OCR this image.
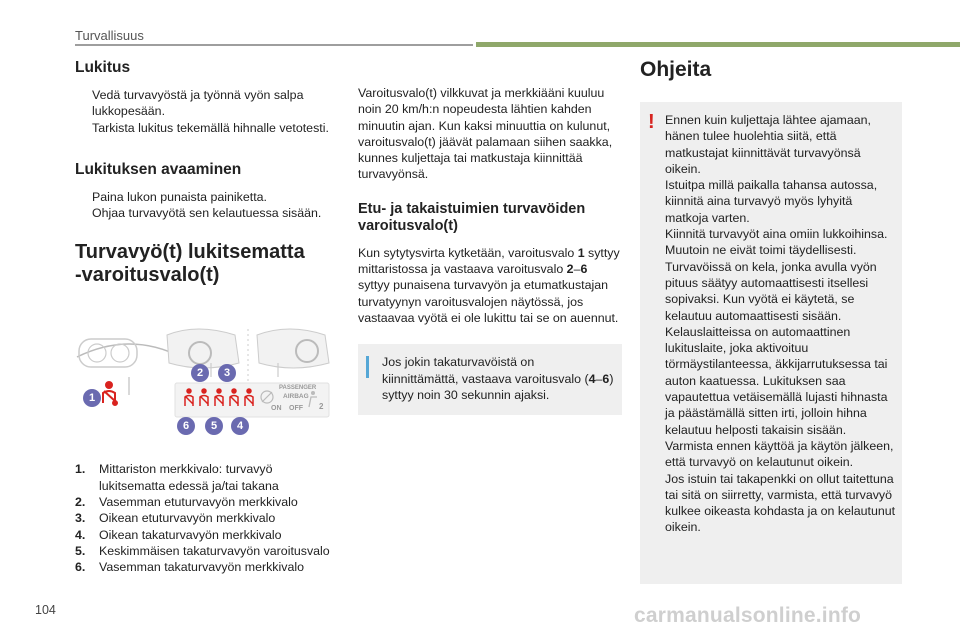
Turvallisuus
Lukitus
Vedä turvavyöstä ja työnnä vyön salpa lukkopesään.
Tarkista lukitus tekemällä hihnalle vetotesti.
Lukituksen avaaminen
Paina lukon punaista painiketta.
Ohjaa turvavyötä sen kelautuessa sisään.
Turvavyö(t) lukitsematta
-varoitusvalo(t)
PASSENGER
AIRBAG
ON OFF 2
1
2	3
4
5
6
1. Mittariston merkkivalo: turvavyö lukitsematta edessä ja/tai takana
2. Vasemman etuturvavyön merkkivalo
3. Oikean etuturvavyön merkkivalo
4. Oikean takaturvavyön merkkivalo
5. Keskimmäisen takaturvavyön varoitusvalo
6. Vasemman takaturvavyön merkkivalo

Varoitusvalo(t) vilkkuvat ja merkkiääni kuuluu noin 20 km/h:n nopeudesta lähtien kahden minuutin ajan. Kun kaksi minuuttia on kulunut, varoitusvalo(t) jäävät palamaan siihen saakka, kunnes kuljettaja tai matkustaja kiinnittää turvavyönsä.

Etu- ja takaistuimien turvavöiden varoitusvalo(t)

Kun sytytysvirta kytketään, varoitusvalo 1 syttyy mittaristossa ja vastaava varoitusvalo 2–6 syttyy punaisena turvavyön ja etumatkustajan turvatyynyn varoitusvalojen näytössä, jos vastaavaa vyötä ei ole lukittu tai se on auennut.

Jos jokin takaturvavöistä on kiinnittämättä, vastaava varoitusvalo (4–6) syttyy noin 30 sekunnin ajaksi.

Ohjeita
! Ennen kuin kuljettaja lähtee ajamaan, hänen tulee huolehtia siitä, että matkustajat kiinnittävät turvavyönsä oikein.

Istuitpa millä paikalla tahansa autossa, kiinnitä aina turvavyö myös lyhyitä matkoja varten.

Kiinnitä turvavyöt aina omiin lukkoihinsa. Muutoin ne eivät toimi täydellisesti.

Turvavöissä on kela, jonka avulla vyön pituus säätyy automaattisesti itsellesi sopivaksi. Kun vyötä ei käytetä, se kelautuu automaattisesti sisään.

Kelauslaitteissa on automaattinen lukituslaite, joka aktivoituu törmäystilanteessa, äkkijarrutuksessa tai auton kaatuessa. Lukituksen saa vapautettua vetäisemällä lujasti hihnasta ja päästämällä sitten irti, jolloin hihna kelautuu helposti takaisin sisään.

Varmista ennen käyttöä ja käytön jälkeen, että turvavyö on kelautunut oikein.

Jos istuin tai takapenkki on ollut taitettuna tai sitä on siirretty, varmista, että turvavyö kulkee oikeasta kohdasta ja on kelautunut oikein.

104	carmanualsonline.info
